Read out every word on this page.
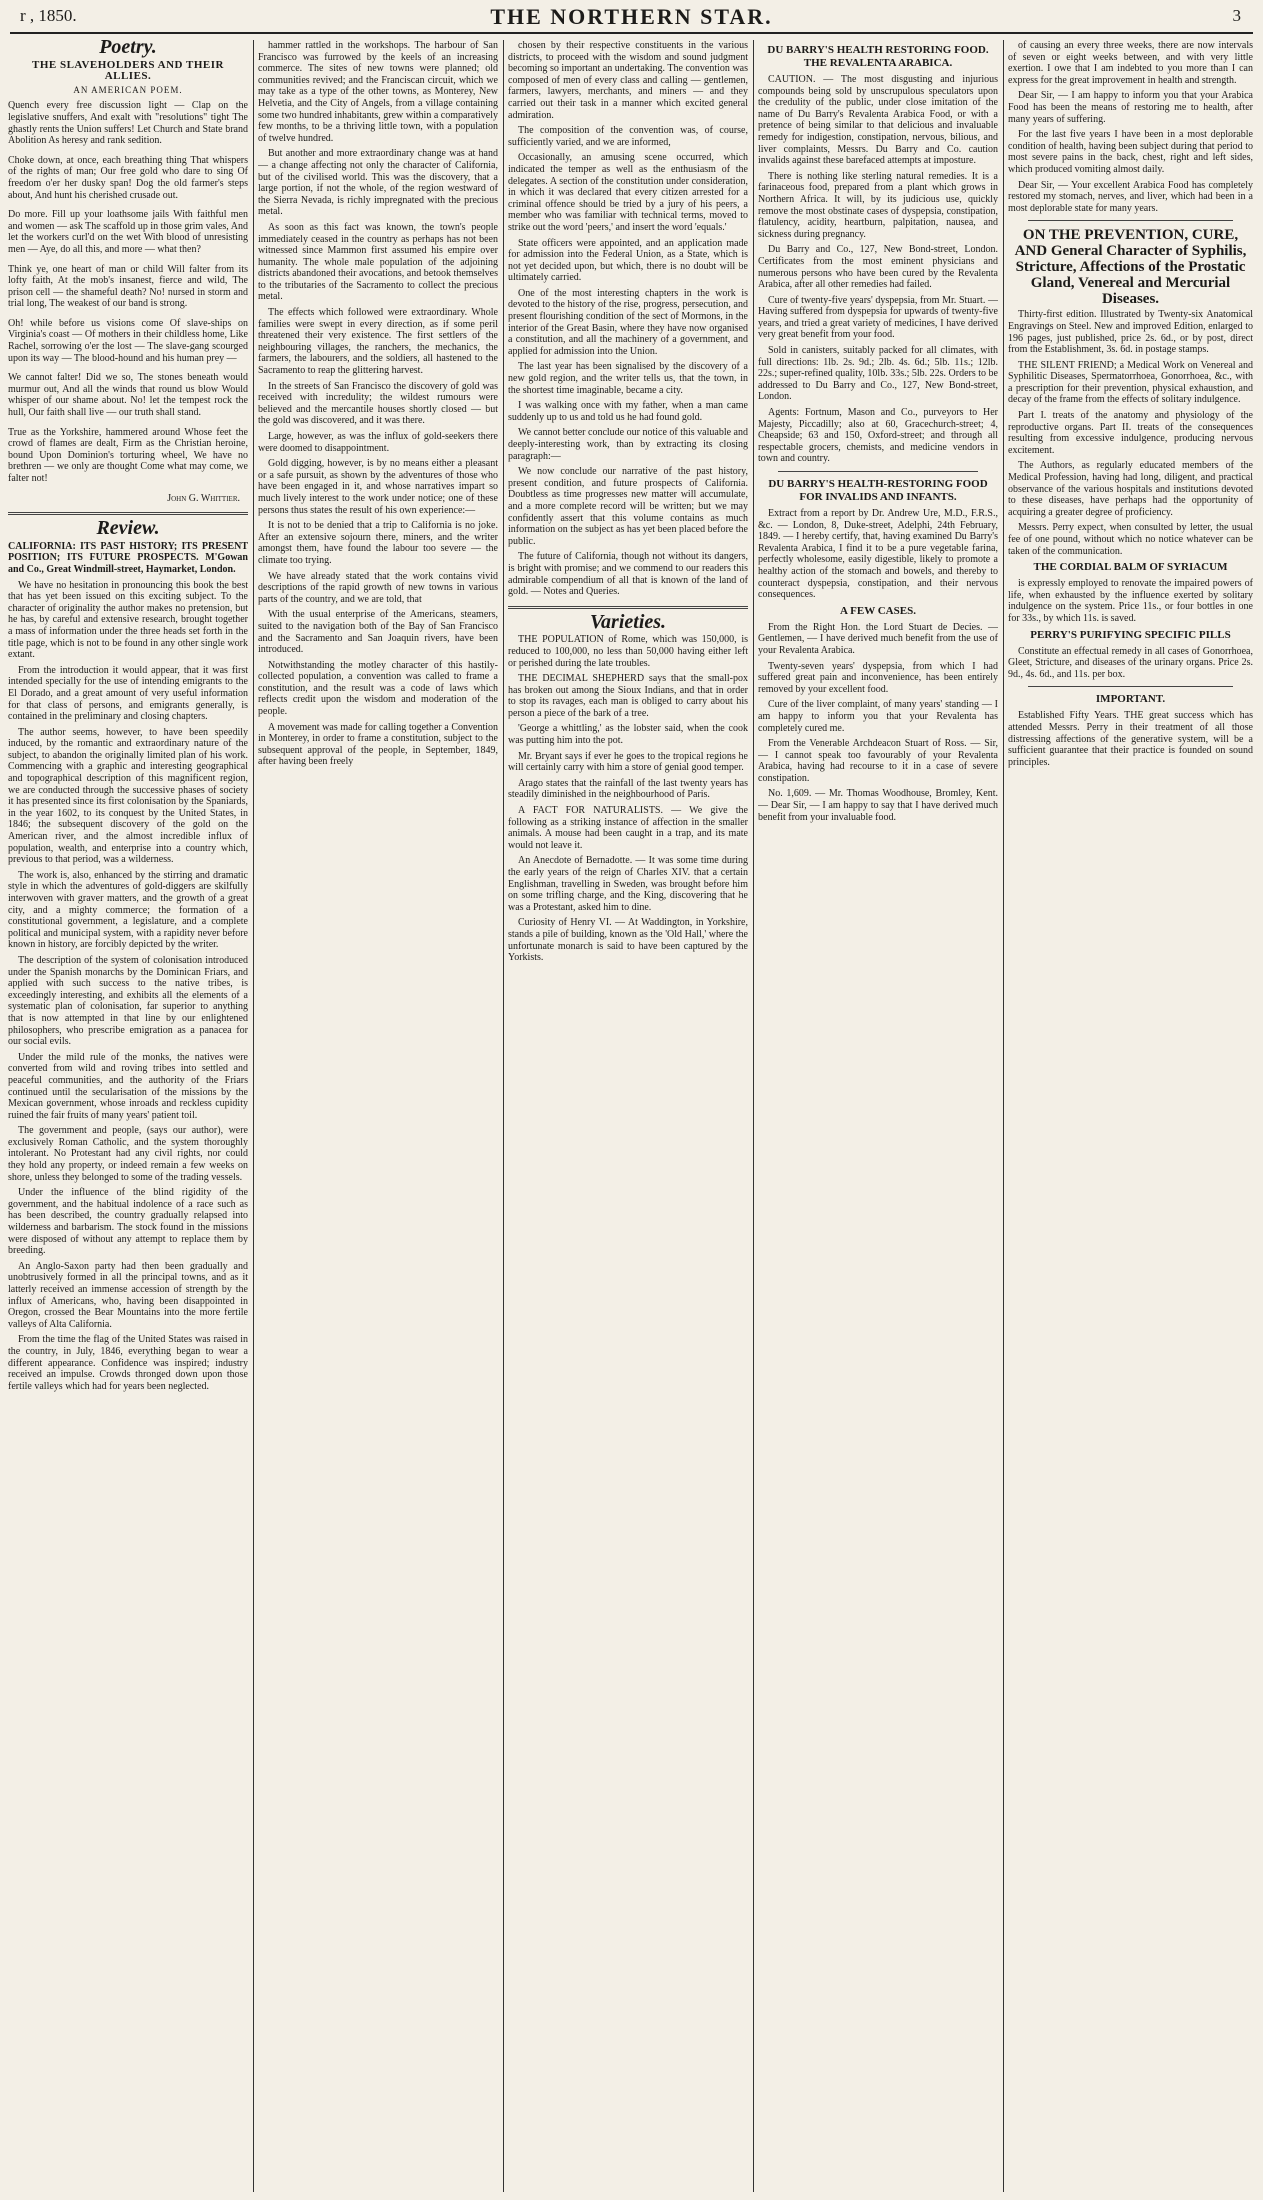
r , 1850.	THE NORTHERN STAR.	3
Poetry.
THE SLAVEHOLDERS AND THEIR ALLIES.
AN AMERICAN POEM.
Quench every free discussion light — Clap on the legislative snuffers, And exalt with "resolutions" tight The ghastly rents the Union suffers! Let Church and State brand Abolition As heresy and rank sedition.
Choke down, at once, each breathing thing That whispers of the rights of man; Our free gold who dare to sing Of freedom o'er her dusky span! Dog the old farmer's steps about, And hunt his cherished crusade out.
Do more. Fill up your loathsome jails With faithful men and women — ask The scaffold up in those grim vales, And let the workers curl'd on the wet With blood of unresisting men — Aye, do all this, and more — what then?
Think ye, one heart of man or child Will falter from its lofty faith, At the mob's insanest, fierce and wild, The prison cell — the shameful death? No! nursed in storm and trial long, The weakest of our band is strong.
Oh! while before us visions come Of slave-ships on Virginia's coast — Of mothers in their childless home, Like Rachel, sorrowing o'er the lost — The slave-gang scourged upon its way — The blood-hound and his human prey —
We cannot falter! Did we so, The stones beneath would murmur out, And all the winds that round us blow Would whisper of our shame about. No! let the tempest rock the hull, Our faith shall live — our truth shall stand.
True as the Yorkshire, hammered around Whose feet the crowd of flames are dealt, Firm as the Christian heroine, bound Upon Dominion's torturing wheel, We have no brethren — we only are thought Come what may come, we falter not!
John G. Whittier.
Review.

CALIFORNIA: ITS PAST HISTORY; ITS PRESENT POSITION; ITS FUTURE PROSPECTS. M'Gowan and Co., Great Windmill-street, Haymarket, London.

We have no hesitation in pronouncing this book the best that has yet been issued on this exciting subject. To the character of originality the author makes no pretension, but he has, by careful and extensive research, brought together a mass of information under the three heads set forth in the title page, which is not to be found in any other single work extant.

From the introduction it would appear, that it was first intended specially for the use of intending emigrants to the El Dorado, and a great amount of very useful information for that class of persons, and emigrants generally, is contained in the preliminary and closing chapters.

The author seems, however, to have been speedily induced, by the romantic and extraordinary nature of the subject, to abandon the originally limited plan of his work. Commencing with a graphic and interesting geographical and topographical description of this magnificent region, we are conducted through the successive phases of society it has presented since its first colonisation by the Spaniards, in the year 1602, to its conquest by the United States, in 1846; the subsequent discovery of the gold on the American river, and the almost incredible influx of population, wealth, and enterprise into a country which, previous to that period, was a wilderness.

The work is, also, enhanced by the stirring and dramatic style in which the adventures of gold-diggers are skilfully interwoven with graver matters, and the growth of a great city, and a mighty commerce; the formation of a constitutional government, a legislature, and a complete political and municipal system, with a rapidity never before known in history, are forcibly depicted by the writer.

The description of the system of colonisation introduced under the Spanish monarchs by the Dominican Friars, and applied with such success to the native tribes, is exceedingly interesting, and exhibits all the elements of a systematic plan of colonisation, far superior to anything that is now attempted in that line by our enlightened philosophers, who prescribe emigration as a panacea for our social evils.

Under the mild rule of the monks, the natives were converted from wild and roving tribes into settled and peaceful communities, and the authority of the Friars continued until the secularisation of the missions by the Mexican government, whose inroads and reckless cupidity ruined the fair fruits of many years' patient toil.

The government and people, (says our author), were exclusively Roman Catholic, and the system thoroughly intolerant. No Protestant had any civil rights, nor could they hold any property, or indeed remain a few weeks on shore, unless they belonged to some of the trading vessels.

Under the influence of the blind rigidity of the government, and the habitual indolence of a race such as has been described, the country gradually relapsed into wilderness and barbarism. The stock found in the missions were disposed of without any attempt to replace them by breeding.

An Anglo-Saxon party had then been gradually and unobtrusively formed in all the principal towns, and as it latterly received an immense accession of strength by the influx of Americans, who, having been disappointed in Oregon, crossed the Bear Mountains into the more fertile valleys of Alta California.

From the time the flag of the United States was raised in the country, in July, 1846, everything began to wear a different appearance. Confidence was inspired; industry received an impulse. Crowds thronged down upon those fertile valleys which had for years been neglected.

hammer rattled in the workshops. The harbour of San Francisco was furrowed by the keels of an increasing commerce. The sites of new towns were planned; old communities revived; and the Franciscan circuit, which we may take as a type of the other towns, as Monterey, New Helvetia, and the City of Angels, from a village containing some two hundred inhabitants, grew within a comparatively few months, to be a thriving little town, with a population of twelve hundred.

But another and more extraordinary change was at hand — a change affecting not only the character of California, but of the civilised world. This was the discovery, that a large portion, if not the whole, of the region westward of the Sierra Nevada, is richly impregnated with the precious metal.

As soon as this fact was known, the town's people immediately ceased in the country as perhaps has not been witnessed since Mammon first assumed his empire over humanity. The whole male population of the adjoining districts abandoned their avocations, and betook themselves to the tributaries of the Sacramento to collect the precious metal.

The effects which followed were extraordinary. Whole families were swept in every direction, as if some peril threatened their very existence. The first settlers of the neighbouring villages, the ranchers, the mechanics, the farmers, the labourers, and the soldiers, all hastened to the Sacramento to reap the glittering harvest.

In the streets of San Francisco the discovery of gold was received with incredulity; the wildest rumours were believed and the mercantile houses shortly closed — but the gold was discovered, and it was there.

Large, however, as was the influx of gold-seekers there were doomed to disappointment.

Gold digging, however, is by no means either a pleasant or a safe pursuit, as shown by the adventures of those who have been engaged in it, and whose narratives impart so much lively interest to the work under notice; one of these persons thus states the result of his own experience:—

It is not to be denied that a trip to California is no joke. After an extensive sojourn there, miners, and the writer amongst them, have found the labour too severe — the climate too trying.

We have already stated that the work contains vivid descriptions of the rapid growth of new towns in various parts of the country, and we are told, that

With the usual enterprise of the Americans, steamers, suited to the navigation both of the Bay of San Francisco and the Sacramento and San Joaquin rivers, have been introduced.

Notwithstanding the motley character of this hastily-collected population, a convention was called to frame a constitution, and the result was a code of laws which reflects credit upon the wisdom and moderation of the people.

A movement was made for calling together a Convention in Monterey, in order to frame a constitution, subject to the subsequent approval of the people, in September, 1849, after having been freely

chosen by their respective constituents in the various districts, to proceed with the wisdom and sound judgment becoming so important an undertaking. The convention was composed of men of every class and calling — gentlemen, farmers, lawyers, merchants, and miners — and they carried out their task in a manner which excited general admiration.

The composition of the convention was, of course, sufficiently varied, and we are informed,

Occasionally, an amusing scene occurred, which indicated the temper as well as the enthusiasm of the delegates. A section of the constitution under consideration, in which it was declared that every citizen arrested for a criminal offence should be tried by a jury of his peers, a member who was familiar with technical terms, moved to strike out the word 'peers,' and insert the word 'equals.'

State officers were appointed, and an application made for admission into the Federal Union, as a State, which is not yet decided upon, but which, there is no doubt will be ultimately carried.

One of the most interesting chapters in the work is devoted to the history of the rise, progress, persecution, and present flourishing condition of the sect of Mormons, in the interior of the Great Basin, where they have now organised a constitution, and all the machinery of a government, and applied for admission into the Union.

The last year has been signalised by the discovery of a new gold region, and the writer tells us, that the town, in the shortest time imaginable, became a city.

I was walking once with my father, when a man came suddenly up to us and told us he had found gold.

We cannot better conclude our notice of this valuable and deeply-interesting work, than by extracting its closing paragraph:—

We now conclude our narrative of the past history, present condition, and future prospects of California. Doubtless as time progresses new matter will accumulate, and a more complete record will be written; but we may confidently assert that this volume contains as much information on the subject as has yet been placed before the public.

The future of California, though not without its dangers, is bright with promise; and we commend to our readers this admirable compendium of all that is known of the land of gold. — Notes and Queries.

Varieties.

THE POPULATION of Rome, which was 150,000, is reduced to 100,000, no less than 50,000 having either left or perished during the late troubles.

THE DECIMAL SHEPHERD says that the small-pox has broken out among the Sioux Indians, and that in order to stop its ravages, each man is obliged to carry about his person a piece of the bark of a tree.

'George a whittling,' as the lobster said, when the cook was putting him into the pot.

Mr. Bryant says if ever he goes to the tropical regions he will certainly carry with him a store of genial good temper.

Arago states that the rainfall of the last twenty years has steadily diminished in the neighbourhood of Paris.

A FACT FOR NATURALISTS. — We give the following as a striking instance of affection in the smaller animals. A mouse had been caught in a trap, and its mate would not leave it.

An Anecdote of Bernadotte. — It was some time during the early years of the reign of Charles XIV. that a certain Englishman, travelling in Sweden, was brought before him on some trifling charge, and the King, discovering that he was a Protestant, asked him to dine.

Curiosity of Henry VI. — At Waddington, in Yorkshire, stands a pile of building, known as the 'Old Hall,' where the unfortunate monarch is said to have been captured by the Yorkists.

DU BARRY'S HEALTH RESTORING FOOD. THE REVALENTA ARABICA.

CAUTION. — The most disgusting and injurious compounds being sold by unscrupulous speculators upon the credulity of the public, under close imitation of the name of Du Barry's Revalenta Arabica Food, or with a pretence of being similar to that delicious and invaluable remedy for indigestion, constipation, nervous, bilious, and liver complaints, Messrs. Du Barry and Co. caution invalids against these barefaced attempts at imposture.

There is nothing like sterling natural remedies. It is a farinaceous food, prepared from a plant which grows in Northern Africa. It will, by its judicious use, quickly remove the most obstinate cases of dyspepsia, constipation, flatulency, acidity, heartburn, palpitation, nausea, and sickness during pregnancy.

Du Barry and Co., 127, New Bond-street, London. Certificates from the most eminent physicians and numerous persons who have been cured by the Revalenta Arabica, after all other remedies had failed.

Cure of twenty-five years' dyspepsia, from Mr. Stuart. — Having suffered from dyspepsia for upwards of twenty-five years, and tried a great variety of medicines, I have derived very great benefit from your food.

Sold in canisters, suitably packed for all climates, with full directions: 1lb. 2s. 9d.; 2lb. 4s. 6d.; 5lb. 11s.; 12lb. 22s.; super-refined quality, 10lb. 33s.; 5lb. 22s. Orders to be addressed to Du Barry and Co., 127, New Bond-street, London.

Agents: Fortnum, Mason and Co., purveyors to Her Majesty, Piccadilly; also at 60, Gracechurch-street; 4, Cheapside; 63 and 150, Oxford-street; and through all respectable grocers, chemists, and medicine vendors in town and country.

DU BARRY'S HEALTH-RESTORING FOOD FOR INVALIDS AND INFANTS.

Extract from a report by Dr. Andrew Ure, M.D., F.R.S., &c. — London, 8, Duke-street, Adelphi, 24th February, 1849. — I hereby certify, that, having examined Du Barry's Revalenta Arabica, I find it to be a pure vegetable farina, perfectly wholesome, easily digestible, likely to promote a healthy action of the stomach and bowels, and thereby to counteract dyspepsia, constipation, and their nervous consequences.

A FEW CASES.

From the Right Hon. the Lord Stuart de Decies. — Gentlemen, — I have derived much benefit from the use of your Revalenta Arabica.

Twenty-seven years' dyspepsia, from which I had suffered great pain and inconvenience, has been entirely removed by your excellent food.

Cure of the liver complaint, of many years' standing — I am happy to inform you that your Revalenta has completely cured me.

From the Venerable Archdeacon Stuart of Ross. — Sir, — I cannot speak too favourably of your Revalenta Arabica, having had recourse to it in a case of severe constipation.

No. 1,609. — Mr. Thomas Woodhouse, Bromley, Kent. — Dear Sir, — I am happy to say that I have derived much benefit from your invaluable food.

of causing an every three weeks, there are now intervals of seven or eight weeks between, and with very little exertion. I owe that I am indebted to you more than I can express for the great improvement in health and strength.

Dear Sir, — I am happy to inform you that your Arabica Food has been the means of restoring me to health, after many years of suffering.

For the last five years I have been in a most deplorable condition of health, having been subject during that period to most severe pains in the back, chest, right and left sides, which produced vomiting almost daily.

Dear Sir, — Your excellent Arabica Food has completely restored my stomach, nerves, and liver, which had been in a most deplorable state for many years.

ON THE PREVENTION, CURE, AND General Character of Syphilis, Stricture, Affections of the Prostatic Gland, Venereal and Mercurial Diseases.

Thirty-first edition. Illustrated by Twenty-six Anatomical Engravings on Steel. New and improved Edition, enlarged to 196 pages, just published, price 2s. 6d., or by post, direct from the Establishment, 3s. 6d. in postage stamps.

THE SILENT FRIEND; a Medical Work on Venereal and Syphilitic Diseases, Spermatorrhoea, Gonorrhoea, &c., with a prescription for their prevention, physical exhaustion, and decay of the frame from the effects of solitary indulgence.

Part I. treats of the anatomy and physiology of the reproductive organs. Part II. treats of the consequences resulting from excessive indulgence, producing nervous excitement.

The Authors, as regularly educated members of the Medical Profession, having had long, diligent, and practical observance of the various hospitals and institutions devoted to these diseases, have perhaps had the opportunity of acquiring a greater degree of proficiency.

Messrs. Perry expect, when consulted by letter, the usual fee of one pound, without which no notice whatever can be taken of the communication.

THE CORDIAL BALM OF SYRIACUM

is expressly employed to renovate the impaired powers of life, when exhausted by the influence exerted by solitary indulgence on the system. Price 11s., or four bottles in one for 33s., by which 11s. is saved.

PERRY'S PURIFYING SPECIFIC PILLS

Constitute an effectual remedy in all cases of Gonorrhoea, Gleet, Stricture, and diseases of the urinary organs. Price 2s. 9d., 4s. 6d., and 11s. per box.

IMPORTANT.

Established Fifty Years. THE great success which has attended Messrs. Perry in their treatment of all those distressing affections of the generative system, will be a sufficient guarantee that their practice is founded on sound principles.
